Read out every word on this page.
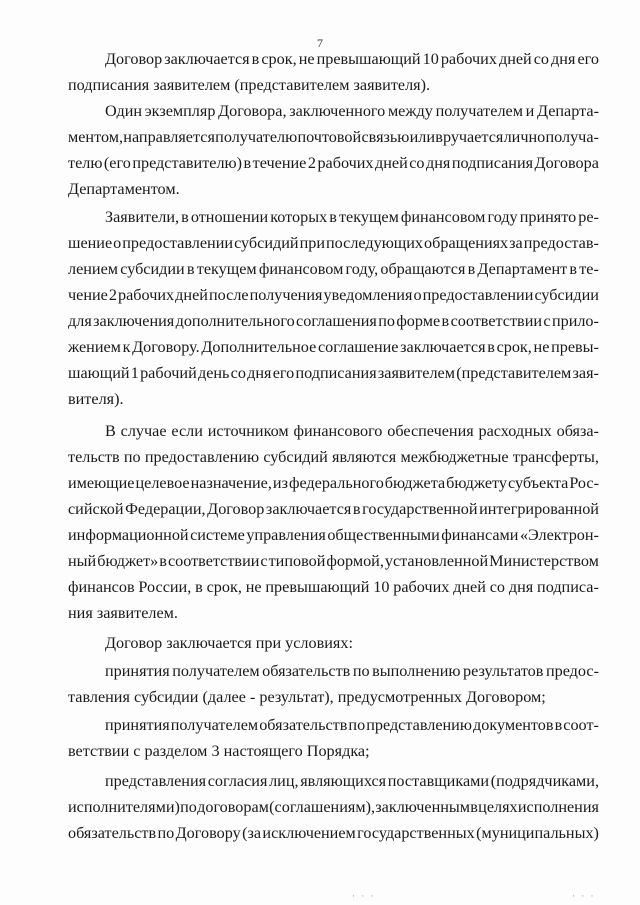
7
Договор заключается в срок, не превышающий 10 рабочих дней со дня его
подписания заявителем (представителем заявителя).
Один экземпляр Договора, заключенного между получателем и Департа-
ментом, направляется получателю почтовой связью или вручается лично получа-
телю (его представителю) в течение 2 рабочих дней со дня подписания Договора
Департаментом.
Заявители, в отношении которых в текущем финансовом году принято ре-
шение о предоставлении субсидий при последующих обращениях за предостав-
лением субсидии в текущем финансовом году, обращаются в Департамент в те-
чение 2 рабочих дней после получения уведомления о предоставлении субсидии
для заключения дополнительного соглашения по форме в соответствии с прило-
жением к Договору. Дополнительное соглашение заключается в срок, не превы-
шающий 1 рабочий день со дня его подписания заявителем (представителем зая-
вителя).
В случае если источником финансового обеспечения расходных обяза-
тельств по предоставлению субсидий являются межбюджетные трансферты,
имеющие целевое назначение, из федерального бюджета бюджету субъекта Рос-
сийской Федерации, Договор заключается в государственной интегрированной
информационной системе управления общественными финансами «Электрон-
ный бюджет» в соответствии с типовой формой, установленной Министерством
финансов России, в срок, не превышающий 10 рабочих дней со дня подписа-
ния заявителем.
Договор заключается при условиях:
принятия получателем обязательств по выполнению результатов предос-
тавления субсидии (далее - результат), предусмотренных Договором;
принятия получателем обязательств по представлению документов в соот-
ветствии с разделом 3 настоящего Порядка;
представления согласия лиц, являющихся поставщиками (подрядчиками,
исполнителями) по договорам (соглашениям), заключенным в целях исполнения
обязательств по Договору (за исключением государственных (муниципальных)
· · ·	· · ·
